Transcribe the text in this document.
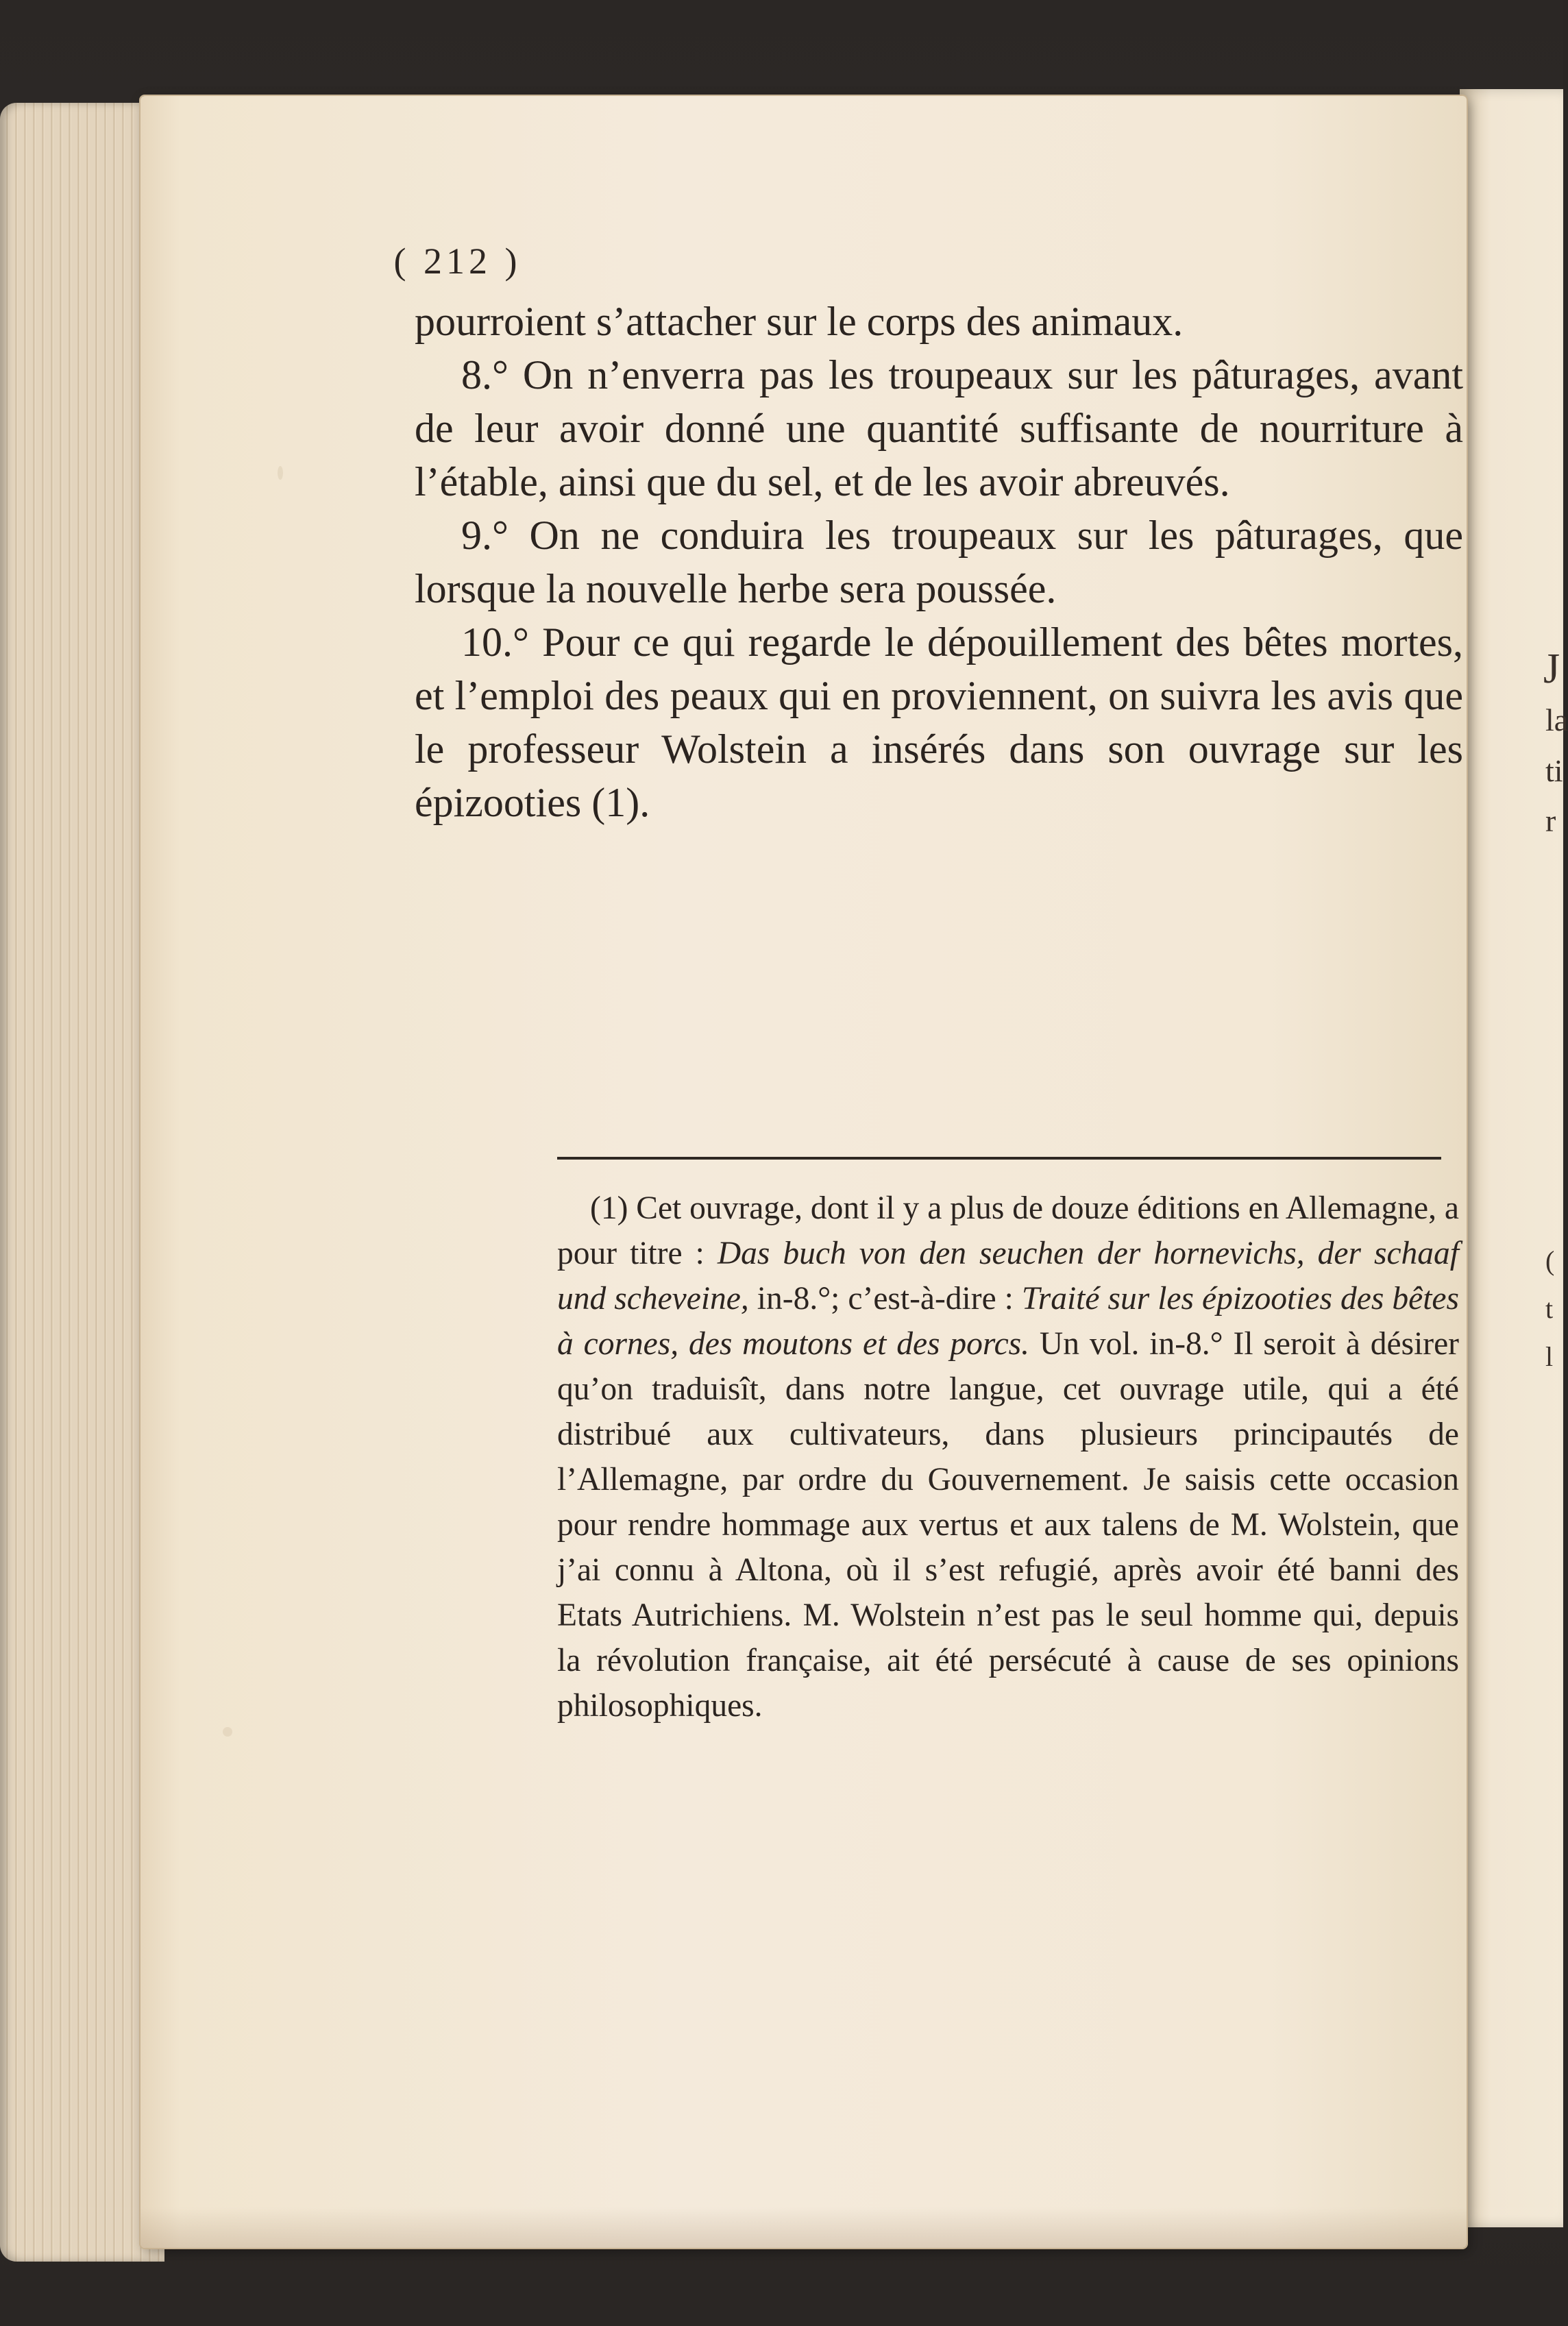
J
la
ti
r
(
t
l
( 212 )

pourroient s’attacher sur le corps des animaux.

8.° On n’enverra pas les troupeaux sur les pâturages, avant de leur avoir donné une quantité suffisante de nourriture à l’étable, ainsi que du sel, et de les avoir abreuvés.

9.° On ne conduira les troupeaux sur les pâturages, que lorsque la nouvelle herbe sera poussée.

10.° Pour ce qui regarde le dépouillement des bêtes mortes, et l’emploi des peaux qui en proviennent, on suivra les avis que le professeur Wolstein a insérés dans son ouvrage sur les épizooties (1).

(1) Cet ouvrage, dont il y a plus de douze éditions en Allemagne, a pour titre : Das buch von den seuchen der hornevichs, der schaaf und scheveine, in-8.°; c’est-à-dire : Traité sur les épizooties des bêtes à cornes, des moutons et des porcs. Un vol. in-8.° Il seroit à désirer qu’on traduisît, dans notre langue, cet ouvrage utile, qui a été distribué aux cultivateurs, dans plusieurs principautés de l’Allemagne, par ordre du Gouvernement. Je saisis cette occasion pour rendre hommage aux vertus et aux talens de M. Wolstein, que j’ai connu à Altona, où il s’est refugié, après avoir été banni des Etats Autrichiens. M. Wolstein n’est pas le seul homme qui, depuis la révolution française, ait été persécuté à cause de ses opinions philosophiques.
